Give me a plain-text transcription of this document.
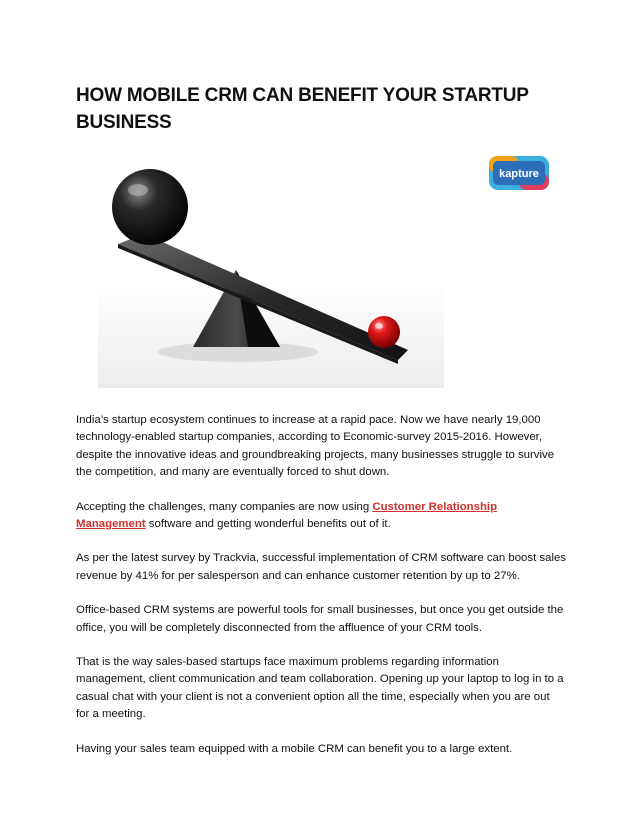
HOW MOBILE CRM CAN BENEFIT YOUR STARTUP BUSINESS
kapture

India’s startup ecosystem continues to increase at a rapid pace. Now we have nearly 19,000 technology-enabled startup companies, according to Economic-survey 2015-2016. However, despite the innovative ideas and groundbreaking projects, many businesses struggle to survive the competition, and many are eventually forced to shut down.

Accepting the challenges, many companies are now using Customer Relationship Management software and getting wonderful benefits out of it.

As per the latest survey by Trackvia, successful implementation of CRM software can boost sales revenue by 41% for per salesperson and can enhance customer retention by up to 27%.

Office-based CRM systems are powerful tools for small businesses, but once you get outside the office, you will be completely disconnected from the affluence of your CRM tools.

That is the way sales-based startups face maximum problems regarding information management, client communication and team collaboration. Opening up your laptop to log in to a casual chat with your client is not a convenient option all the time, especially when you are out for a meeting.

Having your sales team equipped with a mobile CRM can benefit you to a large extent.
